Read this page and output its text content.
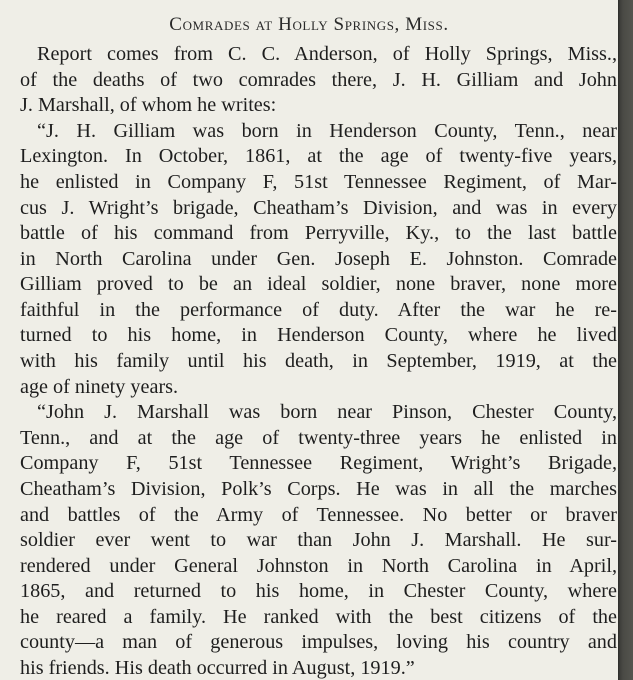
Comrades at Holly Springs, Miss.
Report comes from C. C. Anderson, of Holly Springs, Miss.,
of the deaths of two comrades there, J. H. Gilliam and John
J. Marshall, of whom he writes:
“J. H. Gilliam was born in Henderson County, Tenn., near
Lexington. In October, 1861, at the age of twenty-five years,
he enlisted in Company F, 51st Tennessee Regiment, of Mar-
cus J. Wright’s brigade, Cheatham’s Division, and was in every
battle of his command from Perryville, Ky., to the last battle
in North Carolina under Gen. Joseph E. Johnston. Comrade
Gilliam proved to be an ideal soldier, none braver, none more
faithful in the performance of duty. After the war he re-
turned to his home, in Henderson County, where he lived
with his family until his death, in September, 1919, at the
age of ninety years.
“John J. Marshall was born near Pinson, Chester County,
Tenn., and at the age of twenty-three years he enlisted in
Company F, 51st Tennessee Regiment, Wright’s Brigade,
Cheatham’s Division, Polk’s Corps. He was in all the marches
and battles of the Army of Tennessee. No better or braver
soldier ever went to war than John J. Marshall. He sur-
rendered under General Johnston in North Carolina in April,
1865, and returned to his home, in Chester County, where
he reared a family. He ranked with the best citizens of the
county—a man of generous impulses, loving his country and
his friends. His death occurred in August, 1919.”
